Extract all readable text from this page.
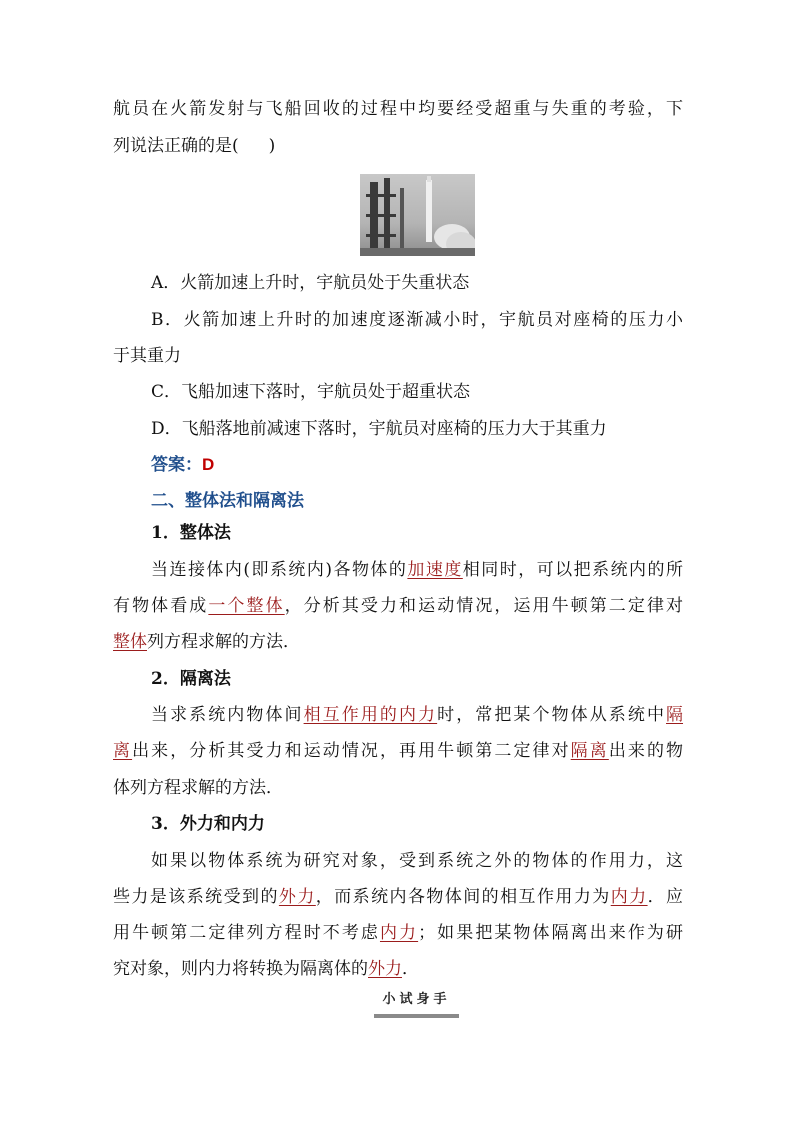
航员在火箭发射与飞船回收的过程中均要经受超重与失重的考验，下
列说法正确的是( )
A．火箭加速上升时，宇航员处于失重状态
B．火箭加速上升时的加速度逐渐减小时，宇航员对座椅的压力小
于其重力
C．飞船加速下落时，宇航员处于超重状态
D．飞船落地前减速下落时，宇航员对座椅的压力大于其重力
答案：D
二、整体法和隔离法
1．整体法
当连接体内(即系统内)各物体的加速度相同时，可以把系统内的所
有物体看成一个整体，分析其受力和运动情况，运用牛顿第二定律对
整体列方程求解的方法．
2．隔离法
当求系统内物体间相互作用的内力时，常把某个物体从系统中隔
离出来，分析其受力和运动情况，再用牛顿第二定律对隔离出来的物
体列方程求解的方法．
3．外力和内力
如果以物体系统为研究对象，受到系统之外的物体的作用力，这
些力是该系统受到的外力，而系统内各物体间的相互作用力为内力．应
用牛顿第二定律列方程时不考虑内力；如果把某物体隔离出来作为研
究对象，则内力将转换为隔离体的外力．
小试身手
